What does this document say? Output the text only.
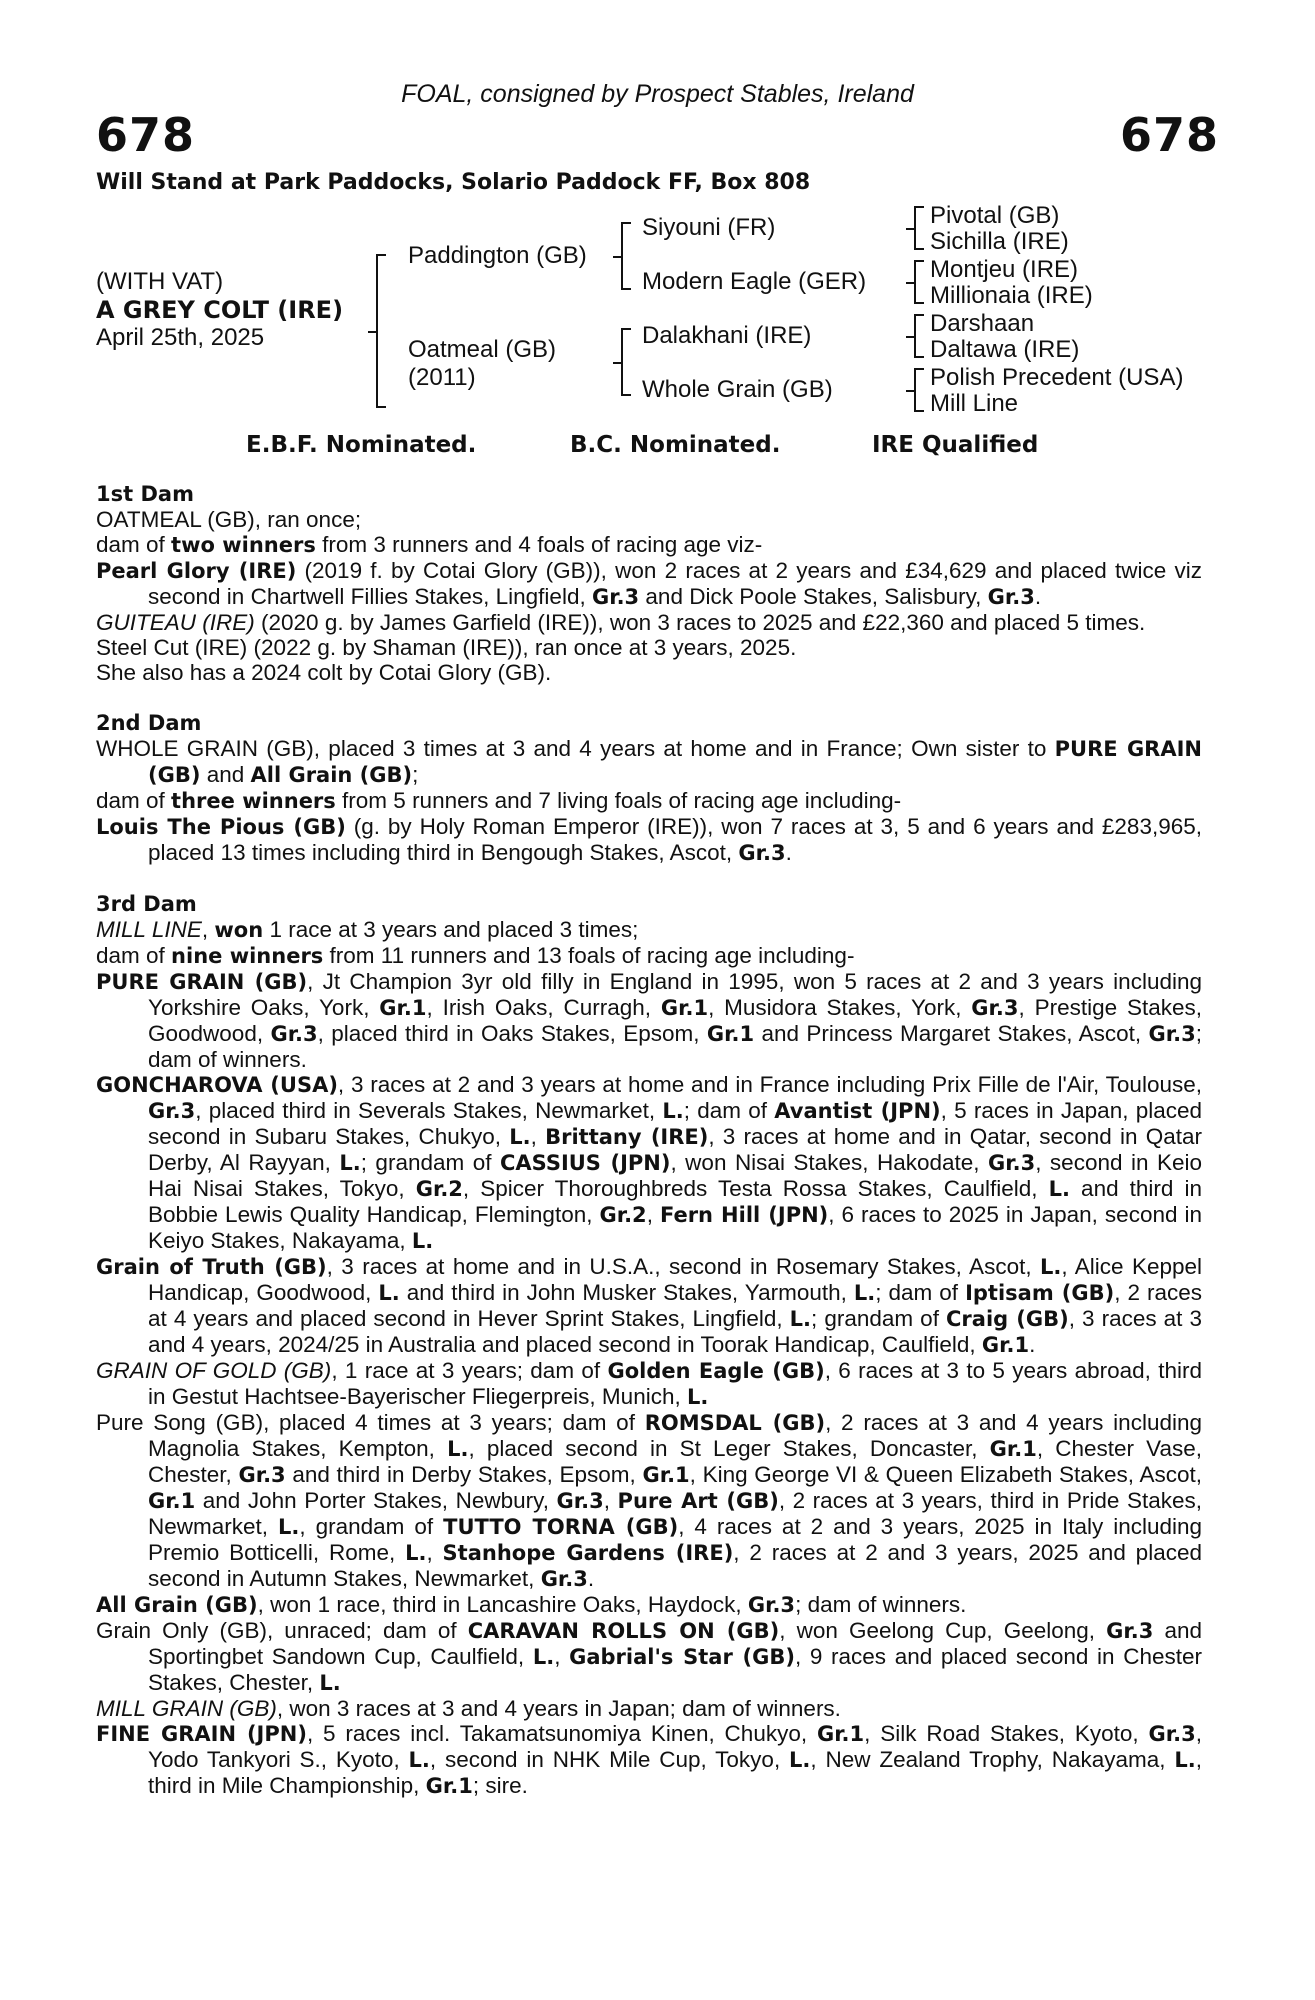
FOAL, consigned by Prospect Stables, Ireland
678	678
Will Stand at Park Paddocks, Solario Paddock FF, Box 808
(WITH VAT)
A GREY COLT (IRE)
April 25th, 2025
Paddington (GB)
Oatmeal (GB)
(2011)
Siyouni (FR)
Modern Eagle (GER)
Dalakhani (IRE)
Whole Grain (GB)
Pivotal (GB)
Sichilla (IRE)
Montjeu (IRE)
Millionaia (IRE)
Darshaan
Daltawa (IRE)
Polish Precedent (USA)
Mill Line
E.B.F. Nominated.	B.C. Nominated.	IRE Qualified

1st Dam

OATMEAL (GB), ran once;

dam of two winners from 3 runners and 4 foals of racing age viz-

Pearl Glory (IRE) (2019 f. by Cotai Glory (GB)), won 2 races at 2 years and £34,629 and placed twice viz second in Chartwell Fillies Stakes, Lingfield, Gr.3 and Dick Poole Stakes, Salisbury, Gr.3.

GUITEAU (IRE) (2020 g. by James Garfield (IRE)), won 3 races to 2025 and £22,360 and placed 5 times.

Steel Cut (IRE) (2022 g. by Shaman (IRE)), ran once at 3 years, 2025.

She also has a 2024 colt by Cotai Glory (GB).

2nd Dam

WHOLE GRAIN (GB), placed 3 times at 3 and 4 years at home and in France; Own sister to PURE GRAIN (GB) and All Grain (GB);

dam of three winners from 5 runners and 7 living foals of racing age including-

Louis The Pious (GB) (g. by Holy Roman Emperor (IRE)), won 7 races at 3, 5 and 6 years and £283,965, placed 13 times including third in Bengough Stakes, Ascot, Gr.3.

3rd Dam

MILL LINE, won 1 race at 3 years and placed 3 times;

dam of nine winners from 11 runners and 13 foals of racing age including-

PURE GRAIN (GB), Jt Champion 3yr old filly in England in 1995, won 5 races at 2 and 3 years including Yorkshire Oaks, York, Gr.1, Irish Oaks, Curragh, Gr.1, Musidora Stakes, York, Gr.3, Prestige Stakes, Goodwood, Gr.3, placed third in Oaks Stakes, Epsom, Gr.1 and Princess Margaret Stakes, Ascot, Gr.3; dam of winners.

GONCHAROVA (USA), 3 races at 2 and 3 years at home and in France including Prix Fille de l'Air, Toulouse, Gr.3, placed third in Severals Stakes, Newmarket, L.; dam of Avantist (JPN), 5 races in Japan, placed second in Subaru Stakes, Chukyo, L., Brittany (IRE), 3 races at home and in Qatar, second in Qatar Derby, Al Rayyan, L.; grandam of CASSIUS (JPN), won Nisai Stakes, Hakodate, Gr.3, second in Keio Hai Nisai Stakes, Tokyo, Gr.2, Spicer Thoroughbreds Testa Rossa Stakes, Caulfield, L. and third in Bobbie Lewis Quality Handicap, Flemington, Gr.2, Fern Hill (JPN), 6 races to 2025 in Japan, second in Keiyo Stakes, Nakayama, L.

Grain of Truth (GB), 3 races at home and in U.S.A., second in Rosemary Stakes, Ascot, L., Alice Keppel Handicap, Goodwood, L. and third in John Musker Stakes, Yarmouth, L.; dam of Iptisam (GB), 2 races at 4 years and placed second in Hever Sprint Stakes, Lingfield, L.; grandam of Craig (GB), 3 races at 3 and 4 years, 2024/25 in Australia and placed second in Toorak Handicap, Caulfield, Gr.1.

GRAIN OF GOLD (GB), 1 race at 3 years; dam of Golden Eagle (GB), 6 races at 3 to 5 years abroad, third in Gestut Hachtsee-Bayerischer Fliegerpreis, Munich, L.

Pure Song (GB), placed 4 times at 3 years; dam of ROMSDAL (GB), 2 races at 3 and 4 years including Magnolia Stakes, Kempton, L., placed second in St Leger Stakes, Doncaster, Gr.1, Chester Vase, Chester, Gr.3 and third in Derby Stakes, Epsom, Gr.1, King George VI & Queen Elizabeth Stakes, Ascot, Gr.1 and John Porter Stakes, Newbury, Gr.3, Pure Art (GB), 2 races at 3 years, third in Pride Stakes, Newmarket, L., grandam of TUTTO TORNA (GB), 4 races at 2 and 3 years, 2025 in Italy including Premio Botticelli, Rome, L., Stanhope Gardens (IRE), 2 races at 2 and 3 years, 2025 and placed second in Autumn Stakes, Newmarket, Gr.3.

All Grain (GB), won 1 race, third in Lancashire Oaks, Haydock, Gr.3; dam of winners.

Grain Only (GB), unraced; dam of CARAVAN ROLLS ON (GB), won Geelong Cup, Geelong, Gr.3 and Sportingbet Sandown Cup, Caulfield, L., Gabrial's Star (GB), 9 races and placed second in Chester Stakes, Chester, L.

MILL GRAIN (GB), won 3 races at 3 and 4 years in Japan; dam of winners.

FINE GRAIN (JPN), 5 races incl. Takamatsunomiya Kinen, Chukyo, Gr.1, Silk Road Stakes, Kyoto, Gr.3, Yodo Tankyori S., Kyoto, L., second in NHK Mile Cup, Tokyo, L., New Zealand Trophy, Nakayama, L., third in Mile Championship, Gr.1; sire.
